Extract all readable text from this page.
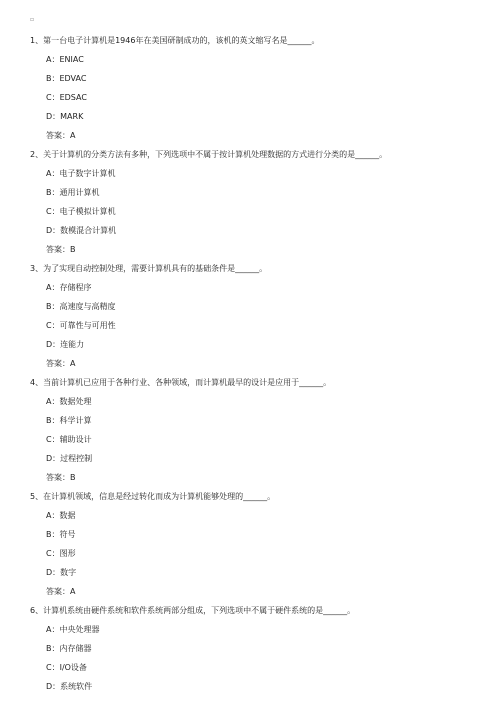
▫
1、第一台电子计算机是1946年在美国研制成功的，该机的英文缩写名是______。
A：ENIAC
B：EDVAC
C：EDSAC
D：MARK
答案：A
2、关于计算机的分类方法有多种，下列选项中不属于按计算机处理数据的方式进行分类的是______。
A：电子数字计算机
B：通用计算机
C：电子模拟计算机
D：数模混合计算机
答案：B
3、为了实现自动控制处理，需要计算机具有的基础条件是______。
A：存储程序
B：高速度与高精度
C：可靠性与可用性
D：连能力
答案：A
4、当前计算机已应用于各种行业、各种领域，而计算机最早的设计是应用于______。
A：数据处理
B：科学计算
C：辅助设计
D：过程控制
答案：B
5、在计算机领域，信息是经过转化而成为计算机能够处理的______。
A：数据
B：符号
C：图形
D：数字
答案：A
6、计算机系统由硬件系统和软件系统两部分组成，下列选项中不属于硬件系统的是______。
A：中央处理器
B：内存储器
C：I/O设备
D：系统软件
